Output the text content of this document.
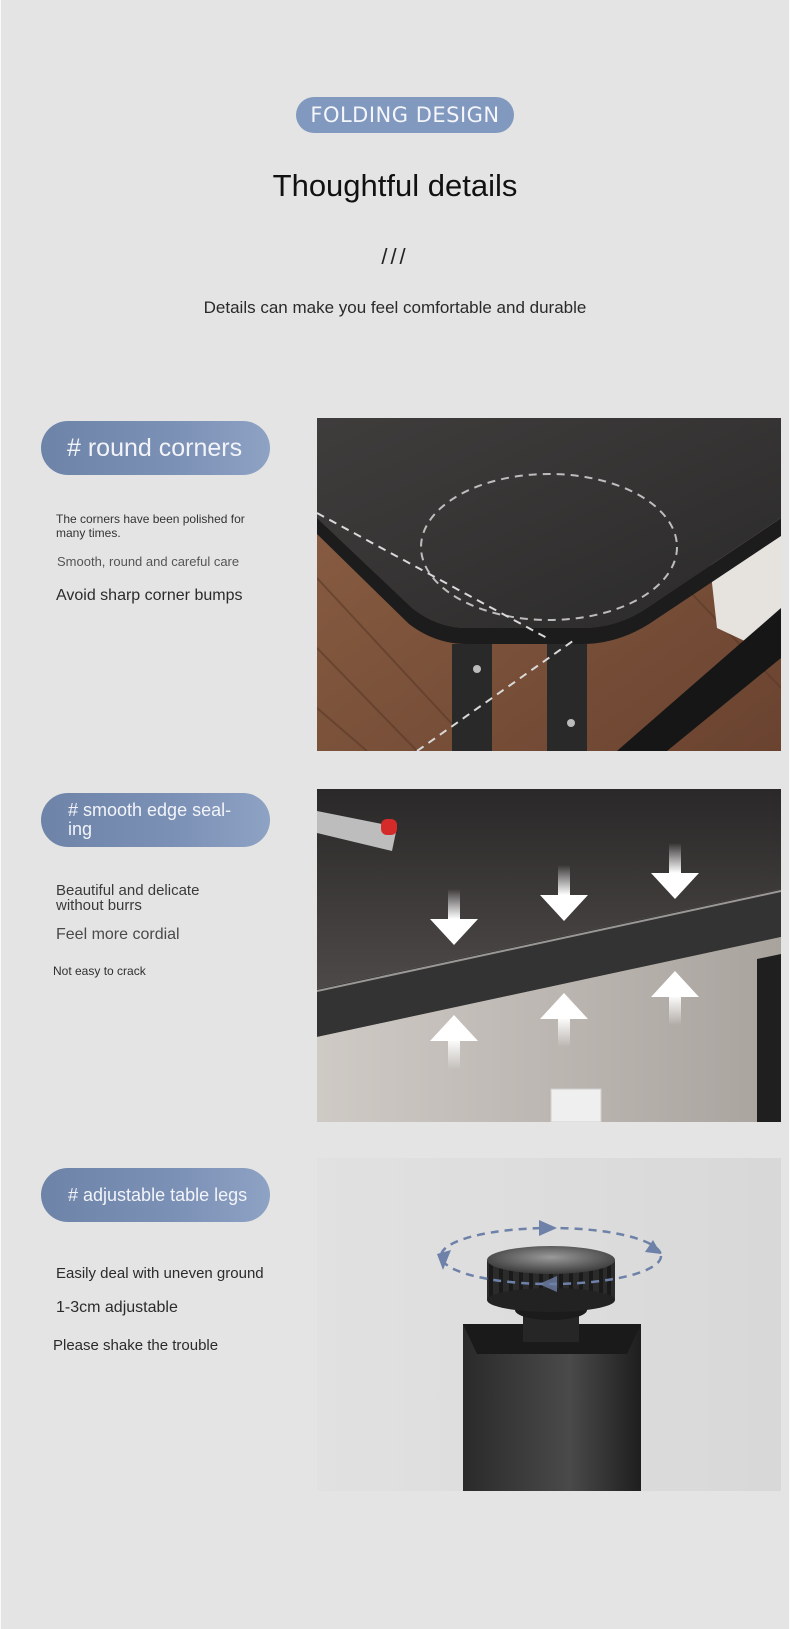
FOLDING DESIGN
Thoughtful details
///
Details can make you feel comfortable and durable
# round corners
The corners have been polished for many times.
Smooth, round and careful care
Avoid sharp corner bumps
# smooth edge seal-ing
Beautiful and delicate without burrs
Feel more cordial
Not easy to crack
# adjustable table legs
Easily deal with uneven ground
1-3cm adjustable
Please shake the trouble
